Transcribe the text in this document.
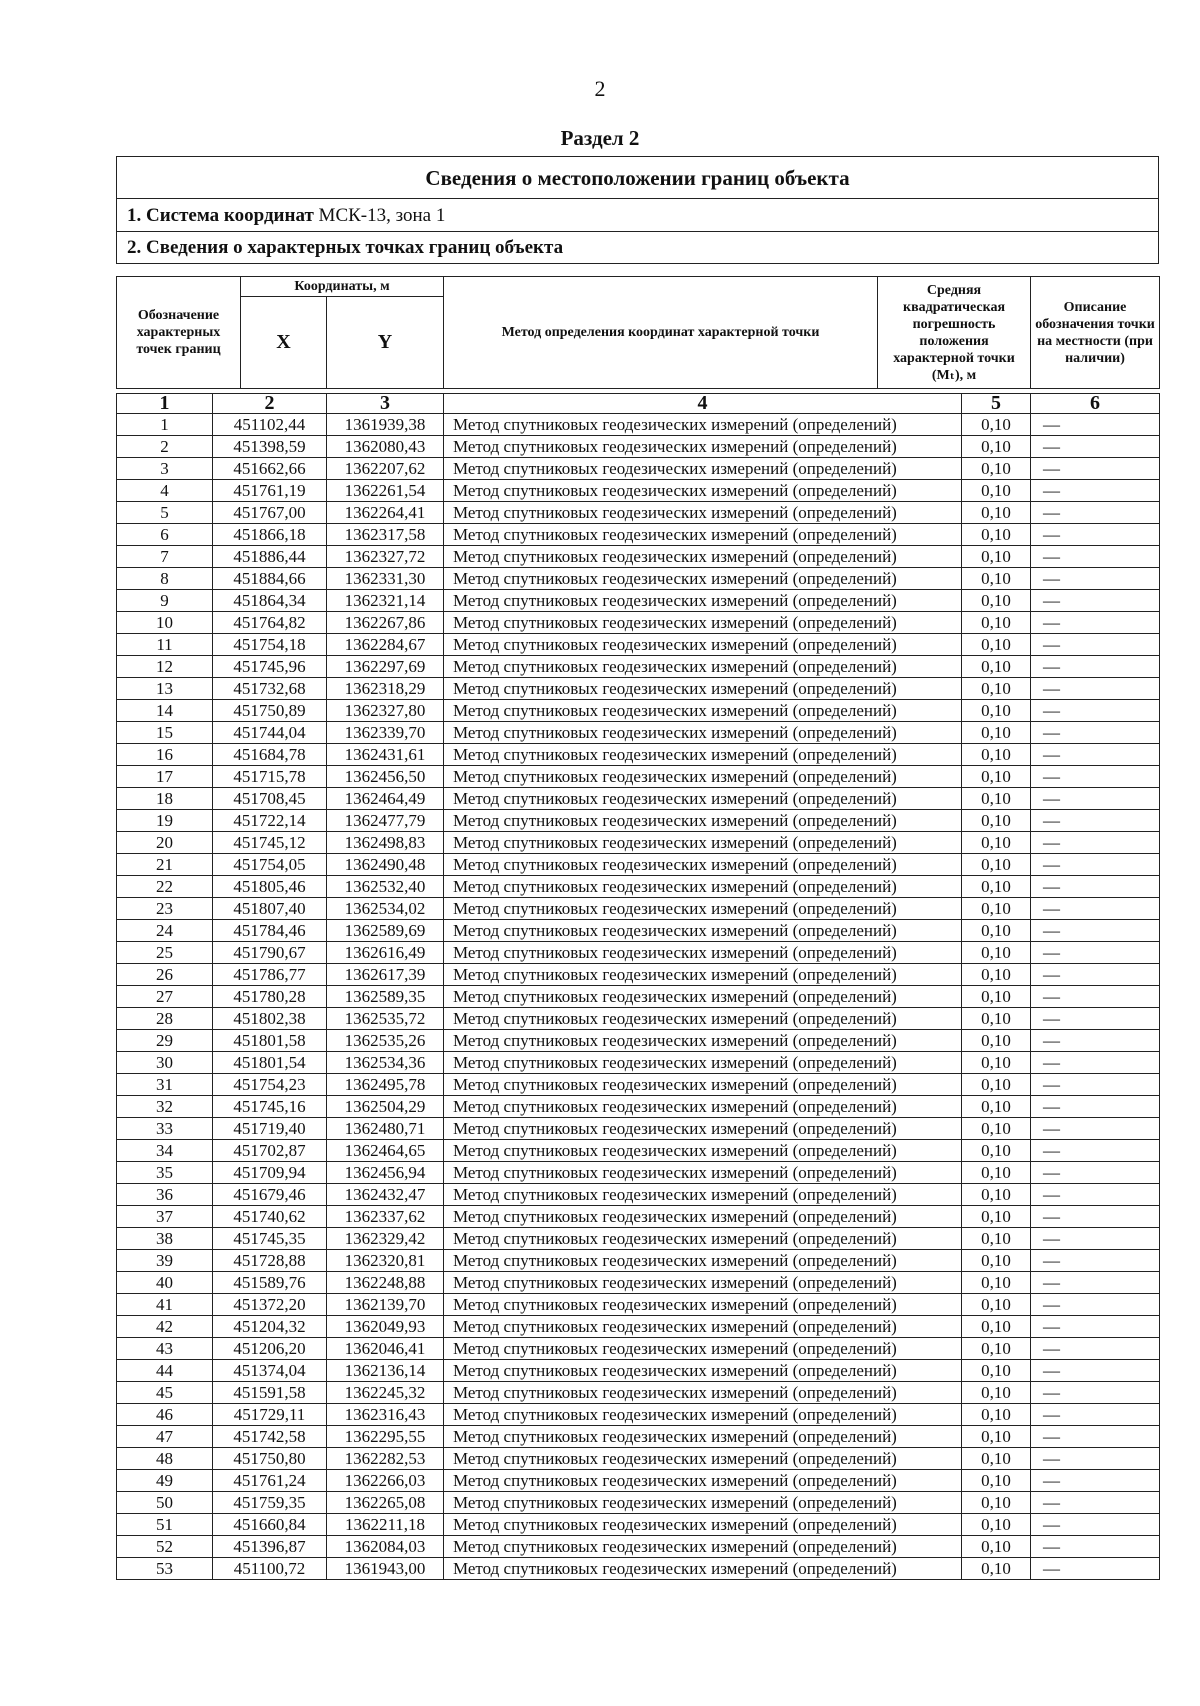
2
Раздел 2
Сведения о местоположении границ объекта
1. Система координат МСК-13, зона 1
2. Сведения о характерных точках границ объекта
Обозначение характерных точек границ	Координаты, м		Метод определения координат характерной точки	Средняя квадратическая погрешность положения характерной точки (Mₜ), м	Описание обозначения точки на местности (при наличии)
	X	Y			
1	2	3	4	5	6
1	451102,44	1361939,38	Метод спутниковых геодезических измерений (определений)	0,10	—
2	451398,59	1362080,43	Метод спутниковых геодезических измерений (определений)	0,10	—
3	451662,66	1362207,62	Метод спутниковых геодезических измерений (определений)	0,10	—
4	451761,19	1362261,54	Метод спутниковых геодезических измерений (определений)	0,10	—
5	451767,00	1362264,41	Метод спутниковых геодезических измерений (определений)	0,10	—
6	451866,18	1362317,58	Метод спутниковых геодезических измерений (определений)	0,10	—
7	451886,44	1362327,72	Метод спутниковых геодезических измерений (определений)	0,10	—
8	451884,66	1362331,30	Метод спутниковых геодезических измерений (определений)	0,10	—
9	451864,34	1362321,14	Метод спутниковых геодезических измерений (определений)	0,10	—
10	451764,82	1362267,86	Метод спутниковых геодезических измерений (определений)	0,10	—
11	451754,18	1362284,67	Метод спутниковых геодезических измерений (определений)	0,10	—
12	451745,96	1362297,69	Метод спутниковых геодезических измерений (определений)	0,10	—
13	451732,68	1362318,29	Метод спутниковых геодезических измерений (определений)	0,10	—
14	451750,89	1362327,80	Метод спутниковых геодезических измерений (определений)	0,10	—
15	451744,04	1362339,70	Метод спутниковых геодезических измерений (определений)	0,10	—
16	451684,78	1362431,61	Метод спутниковых геодезических измерений (определений)	0,10	—
17	451715,78	1362456,50	Метод спутниковых геодезических измерений (определений)	0,10	—
18	451708,45	1362464,49	Метод спутниковых геодезических измерений (определений)	0,10	—
19	451722,14	1362477,79	Метод спутниковых геодезических измерений (определений)	0,10	—
20	451745,12	1362498,83	Метод спутниковых геодезических измерений (определений)	0,10	—
21	451754,05	1362490,48	Метод спутниковых геодезических измерений (определений)	0,10	—
22	451805,46	1362532,40	Метод спутниковых геодезических измерений (определений)	0,10	—
23	451807,40	1362534,02	Метод спутниковых геодезических измерений (определений)	0,10	—
24	451784,46	1362589,69	Метод спутниковых геодезических измерений (определений)	0,10	—
25	451790,67	1362616,49	Метод спутниковых геодезических измерений (определений)	0,10	—
26	451786,77	1362617,39	Метод спутниковых геодезических измерений (определений)	0,10	—
27	451780,28	1362589,35	Метод спутниковых геодезических измерений (определений)	0,10	—
28	451802,38	1362535,72	Метод спутниковых геодезических измерений (определений)	0,10	—
29	451801,58	1362535,26	Метод спутниковых геодезических измерений (определений)	0,10	—
30	451801,54	1362534,36	Метод спутниковых геодезических измерений (определений)	0,10	—
31	451754,23	1362495,78	Метод спутниковых геодезических измерений (определений)	0,10	—
32	451745,16	1362504,29	Метод спутниковых геодезических измерений (определений)	0,10	—
33	451719,40	1362480,71	Метод спутниковых геодезических измерений (определений)	0,10	—
34	451702,87	1362464,65	Метод спутниковых геодезических измерений (определений)	0,10	—
35	451709,94	1362456,94	Метод спутниковых геодезических измерений (определений)	0,10	—
36	451679,46	1362432,47	Метод спутниковых геодезических измерений (определений)	0,10	—
37	451740,62	1362337,62	Метод спутниковых геодезических измерений (определений)	0,10	—
38	451745,35	1362329,42	Метод спутниковых геодезических измерений (определений)	0,10	—
39	451728,88	1362320,81	Метод спутниковых геодезических измерений (определений)	0,10	—
40	451589,76	1362248,88	Метод спутниковых геодезических измерений (определений)	0,10	—
41	451372,20	1362139,70	Метод спутниковых геодезических измерений (определений)	0,10	—
42	451204,32	1362049,93	Метод спутниковых геодезических измерений (определений)	0,10	—
43	451206,20	1362046,41	Метод спутниковых геодезических измерений (определений)	0,10	—
44	451374,04	1362136,14	Метод спутниковых геодезических измерений (определений)	0,10	—
45	451591,58	1362245,32	Метод спутниковых геодезических измерений (определений)	0,10	—
46	451729,11	1362316,43	Метод спутниковых геодезических измерений (определений)	0,10	—
47	451742,58	1362295,55	Метод спутниковых геодезических измерений (определений)	0,10	—
48	451750,80	1362282,53	Метод спутниковых геодезических измерений (определений)	0,10	—
49	451761,24	1362266,03	Метод спутниковых геодезических измерений (определений)	0,10	—
50	451759,35	1362265,08	Метод спутниковых геодезических измерений (определений)	0,10	—
51	451660,84	1362211,18	Метод спутниковых геодезических измерений (определений)	0,10	—
52	451396,87	1362084,03	Метод спутниковых геодезических измерений (определений)	0,10	—
53	451100,72	1361943,00	Метод спутниковых геодезических измерений (определений)	0,10	—
